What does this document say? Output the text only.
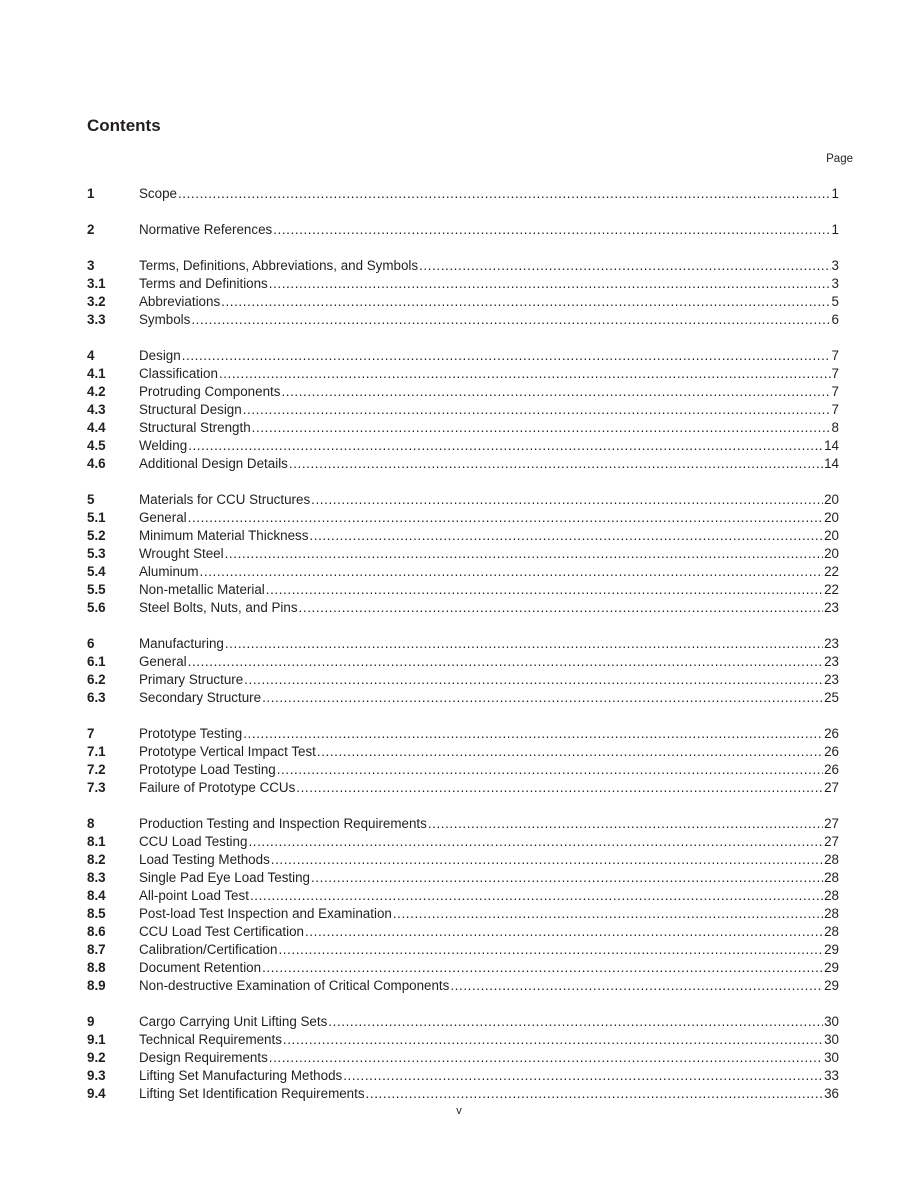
Contents
Page
1	Scope .....	1
2	Normative References .....	1
3	Terms, Definitions, Abbreviations, and Symbols .....	3
3.1	Terms and Definitions .....	3
3.2	Abbreviations .....	5
3.3	Symbols .....	6
4	Design .....	7
4.1	Classification .....	7
4.2	Protruding Components .....	7
4.3	Structural Design .....	7
4.4	Structural Strength .....	8
4.5	Welding .....	14
4.6	Additional Design Details .....	14
5	Materials for CCU Structures .....	20
5.1	General .....	20
5.2	Minimum Material Thickness .....	20
5.3	Wrought Steel .....	20
5.4	Aluminum .....	22
5.5	Non-metallic Material .....	22
5.6	Steel Bolts, Nuts, and Pins .....	23
6	Manufacturing .....	23
6.1	General .....	23
6.2	Primary Structure .....	23
6.3	Secondary Structure .....	25
7	Prototype Testing .....	26
7.1	Prototype Vertical Impact Test .....	26
7.2	Prototype Load Testing .....	26
7.3	Failure of Prototype CCUs .....	27
8	Production Testing and Inspection Requirements .....	27
8.1	CCU Load Testing .....	27
8.2	Load Testing Methods .....	28
8.3	Single Pad Eye Load Testing .....	28
8.4	All-point Load Test .....	28
8.5	Post-load Test Inspection and Examination .....	28
8.6	CCU Load Test Certification .....	28
8.7	Calibration/Certification .....	29
8.8	Document Retention .....	29
8.9	Non-destructive Examination of Critical Components .....	29
9	Cargo Carrying Unit Lifting Sets .....	30
9.1	Technical Requirements .....	30
9.2	Design Requirements .....	30
9.3	Lifting Set Manufacturing Methods .....	33
9.4	Lifting Set Identification Requirements .....	36
v
